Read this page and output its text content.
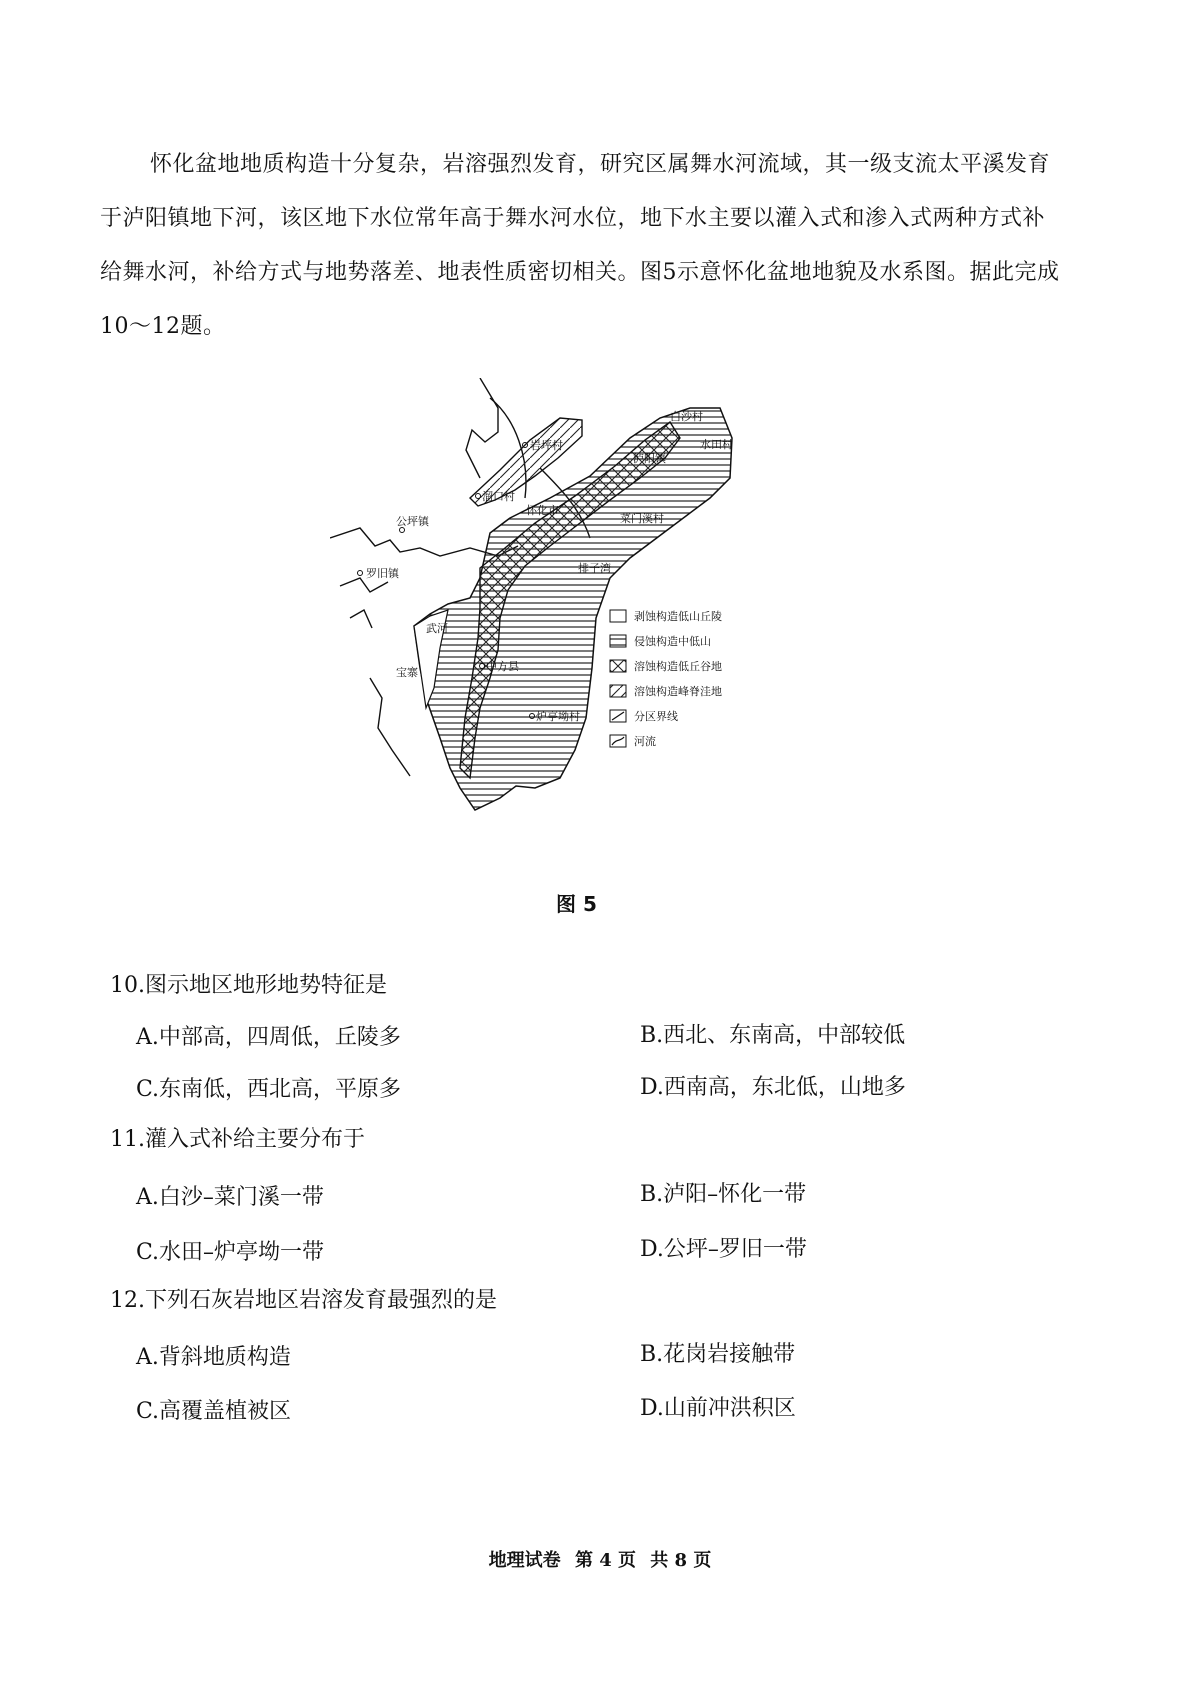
怀化盆地地质构造十分复杂，岩溶强烈发育，研究区属舞水河流域，其一级支流太平溪发育于泸阳镇地下河，该区地下水位常年高于舞水河水位，地下水主要以灌入式和渗入式两种方式补给舞水河，补给方式与地势落差、地表性质密切相关。图5示意怀化盆地地貌及水系图。据此完成10～12题。

岩坪村
泸阳镇
白沙村
水田村
溜口村
怀化市
菜门溪村
公坪镇
罗旧镇	排子湾
武河
宝寨	中方县
炉亭坳村
剥蚀构造低山丘陵
侵蚀构造中低山
溶蚀构造低丘谷地
溶蚀构造峰脊洼地
分区界线
河流
图 5
10.图示地区地形地势特征是
A.中部高，四周低，丘陵多	B.西北、东南高，中部较低
C.东南低，西北高，平原多	D.西南高，东北低，山地多
11.灌入式补给主要分布于
A.白沙–菜门溪一带	B.泸阳–怀化一带
C.水田–炉亭坳一带	D.公坪–罗旧一带
12.下列石灰岩地区岩溶发育最强烈的是
A.背斜地质构造	B.花岗岩接触带
C.高覆盖植被区	D.山前冲洪积区
地理试卷 第 4 页 共 8 页
